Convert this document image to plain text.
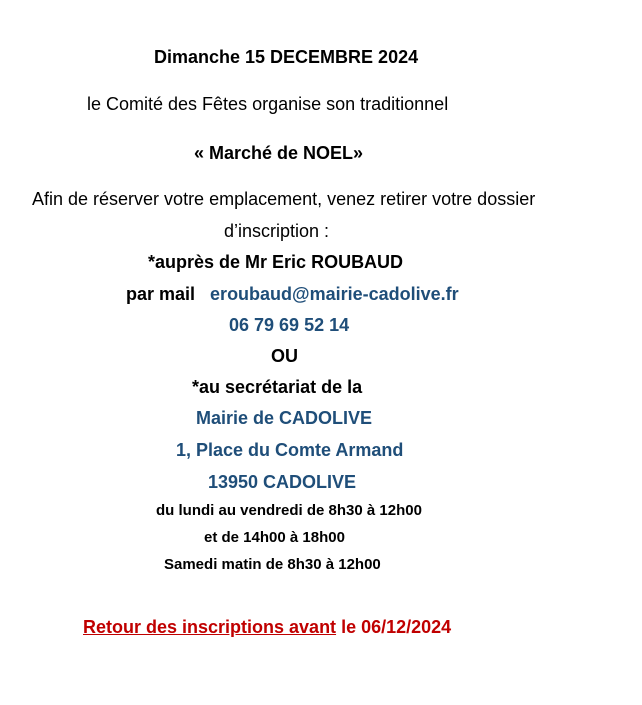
Dimanche 15 DECEMBRE 2024
le Comité des Fêtes organise son traditionnel
« Marché de NOEL»
Afin de réserver votre emplacement, venez retirer votre dossier
d’inscription :
*auprès de Mr Eric ROUBAUD
par mail eroubaud@mairie-cadolive.fr
06 79 69 52 14
OU
*au secrétariat de la
Mairie de CADOLIVE
1, Place du Comte Armand
13950 CADOLIVE
du lundi au vendredi de 8h30 à 12h00
et de 14h00 à 18h00
Samedi matin de 8h30 à 12h00
Retour des inscriptions avant le 06/12/2024
